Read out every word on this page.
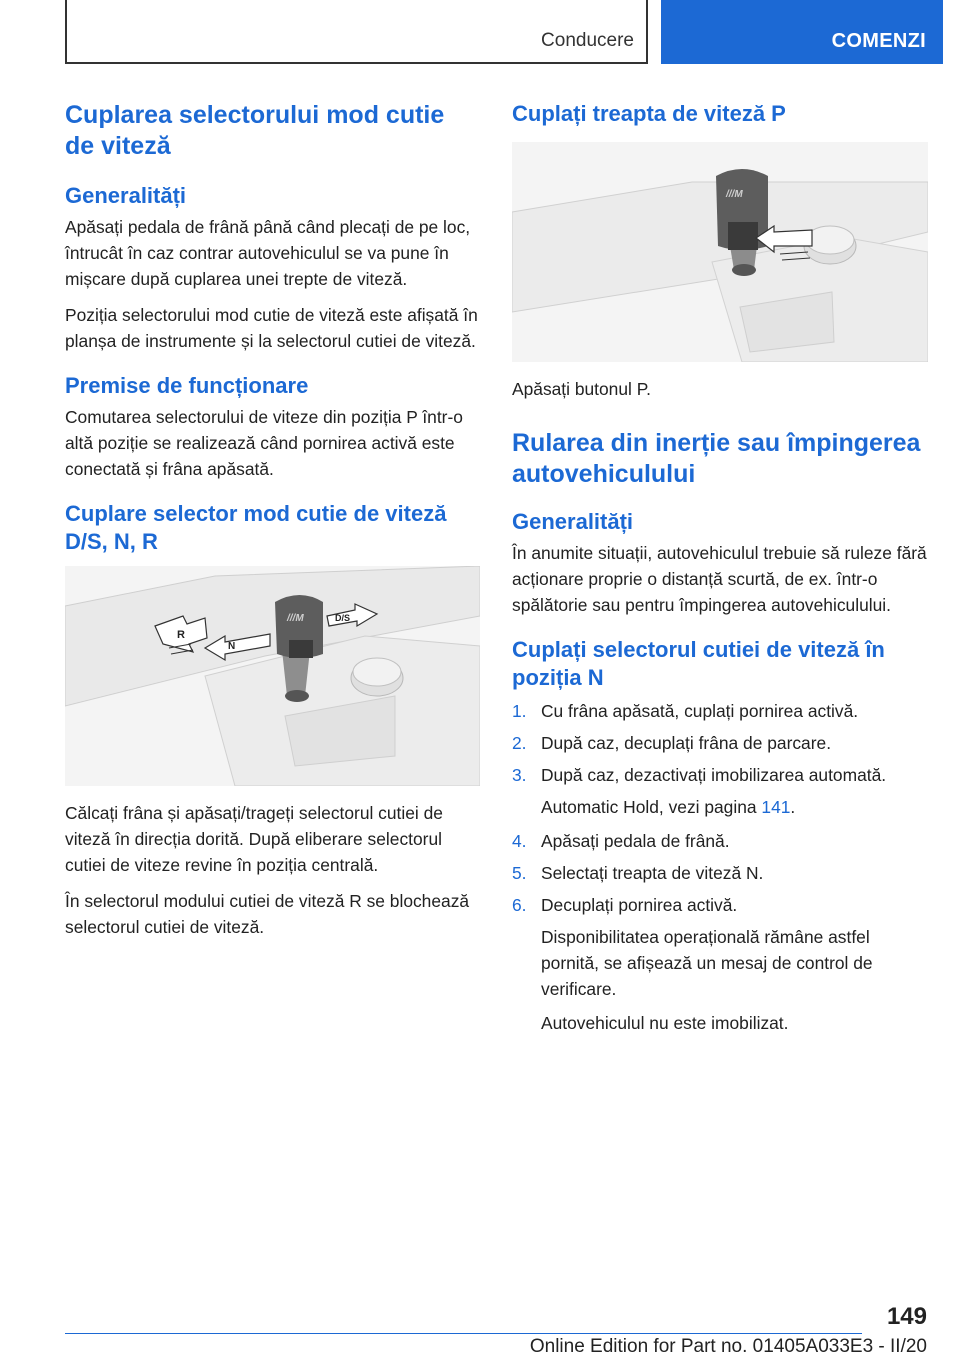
Conducere	COMENZI
Cuplarea selectorului mod cutie de viteză
Generalități

Apăsați pedala de frână până când plecați de pe loc, întrucât în caz contrar autovehiculul se va pune în mișcare după cuplarea unei trepte de viteză.

Poziția selectorului mod cutie de viteză este afișată în planșa de instrumente și la selectorul cutiei de viteză.

Premise de funcționare

Comutarea selectorului de viteze din poziția P într-o altă poziție se realizează când pornirea activă este conectată și frâna apăsată.

Cuplare selector mod cutie de viteză D/S, N, R
///M
R
N
D/S

Călcați frâna și apăsați/trageți selectorul cutiei de viteză în direcția dorită. După eliberare selectorul cutiei de viteze revine în poziția centrală.

În selectorul modului cutiei de viteză R se blochează selectorul cutiei de viteză.

Cuplați treapta de viteză P
///M

Apăsați butonul P.

Rularea din inerție sau împingerea autovehiculului
Generalități

În anumite situații, autovehiculul trebuie să ruleze fără acționare proprie o distanță scurtă, de ex. într-o spălătorie sau pentru împingerea autovehiculului.

Cuplați selectorul cutiei de viteză în poziția N
1. Cu frâna apăsată, cuplați pornirea activă.
2. După caz, decuplați frâna de parcare.
3. După caz, dezactivați imobilizarea automată.

Automatic Hold, vezi pagina 141.

4. Apăsați pedala de frână.
5. Selectați treapta de viteză N.
6. Decuplați pornirea activă.

Disponibilitatea operațională rămâne astfel pornită, se afișează un mesaj de control de verificare.

Autovehiculul nu este imobilizat.

149
Online Edition for Part no. 01405A033E3 - II/20
